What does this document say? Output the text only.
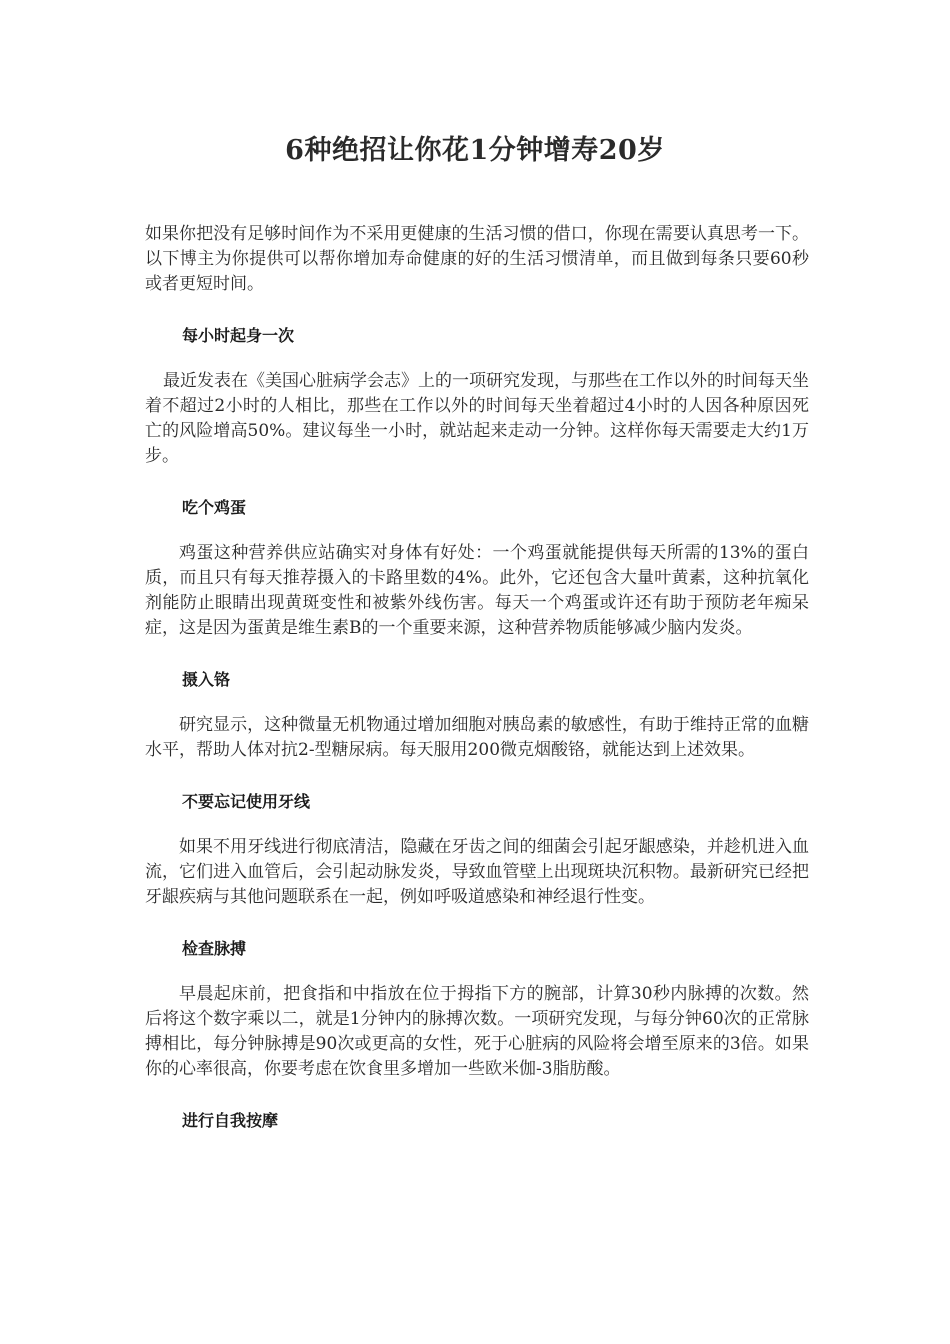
6种绝招让你花1分钟增寿20岁

如果你把没有足够时间作为不采用更健康的生活习惯的借口，你现在需要认真思考一下。以下博主为你提供可以帮你增加寿命健康的好的生活习惯清单，而且做到每条只要60秒或者更短时间。

每小时起身一次

最近发表在《美国心脏病学会志》上的一项研究发现，与那些在工作以外的时间每天坐着不超过2小时的人相比，那些在工作以外的时间每天坐着超过4小时的人因各种原因死亡的风险增高50%。建议每坐一小时，就站起来走动一分钟。这样你每天需要走大约1万步。

吃个鸡蛋

鸡蛋这种营养供应站确实对身体有好处：一个鸡蛋就能提供每天所需的13%的蛋白质，而且只有每天推荐摄入的卡路里数的4%。此外，它还包含大量叶黄素，这种抗氧化剂能防止眼睛出现黄斑变性和被紫外线伤害。每天一个鸡蛋或许还有助于预防老年痴呆症，这是因为蛋黄是维生素B的一个重要来源，这种营养物质能够减少脑内发炎。

摄入铬

研究显示，这种微量无机物通过增加细胞对胰岛素的敏感性，有助于维持正常的血糖水平，帮助人体对抗2-型糖尿病。每天服用200微克烟酸铬，就能达到上述效果。

不要忘记使用牙线

如果不用牙线进行彻底清洁，隐藏在牙齿之间的细菌会引起牙龈感染，并趁机进入血流，它们进入血管后，会引起动脉发炎，导致血管壁上出现斑块沉积物。最新研究已经把牙龈疾病与其他问题联系在一起，例如呼吸道感染和神经退行性变。

检查脉搏

早晨起床前，把食指和中指放在位于拇指下方的腕部，计算30秒内脉搏的次数。然后将这个数字乘以二，就是1分钟内的脉搏次数。一项研究发现，与每分钟60次的正常脉搏相比，每分钟脉搏是90次或更高的女性，死于心脏病的风险将会增至原来的3倍。如果你的心率很高，你要考虑在饮食里多增加一些欧米伽-3脂肪酸。

进行自我按摩
